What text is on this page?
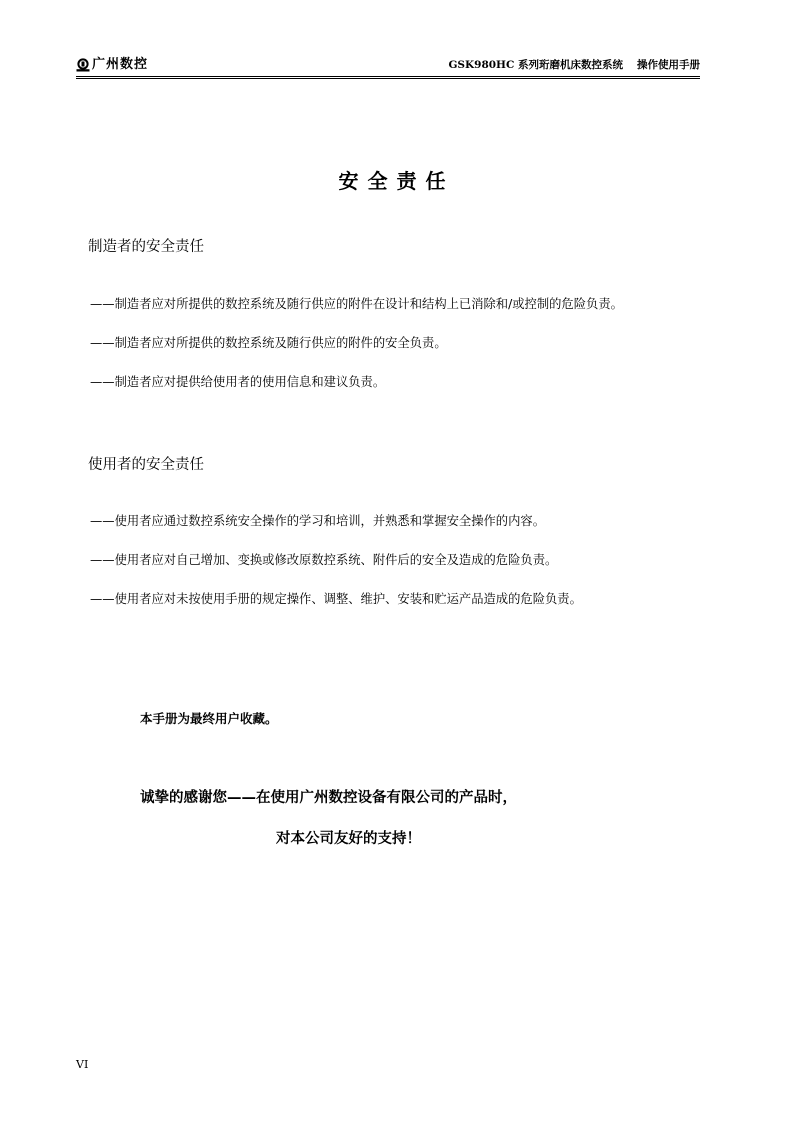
广州数控	GSK980HC 系列珩磨机床数控系统 操作使用手册
安全责任
制造者的安全责任
——制造者应对所提供的数控系统及随行供应的附件在设计和结构上已消除和/或控制的危险负责。
——制造者应对所提供的数控系统及随行供应的附件的安全负责。
——制造者应对提供给使用者的使用信息和建议负责。
使用者的安全责任
——使用者应通过数控系统安全操作的学习和培训，并熟悉和掌握安全操作的内容。
——使用者应对自己增加、变换或修改原数控系统、附件后的安全及造成的危险负责。
——使用者应对未按使用手册的规定操作、调整、维护、安装和贮运产品造成的危险负责。
本手册为最终用户收藏。
诚挚的感谢您——在使用广州数控设备有限公司的产品时，
对本公司友好的支持！
VI
